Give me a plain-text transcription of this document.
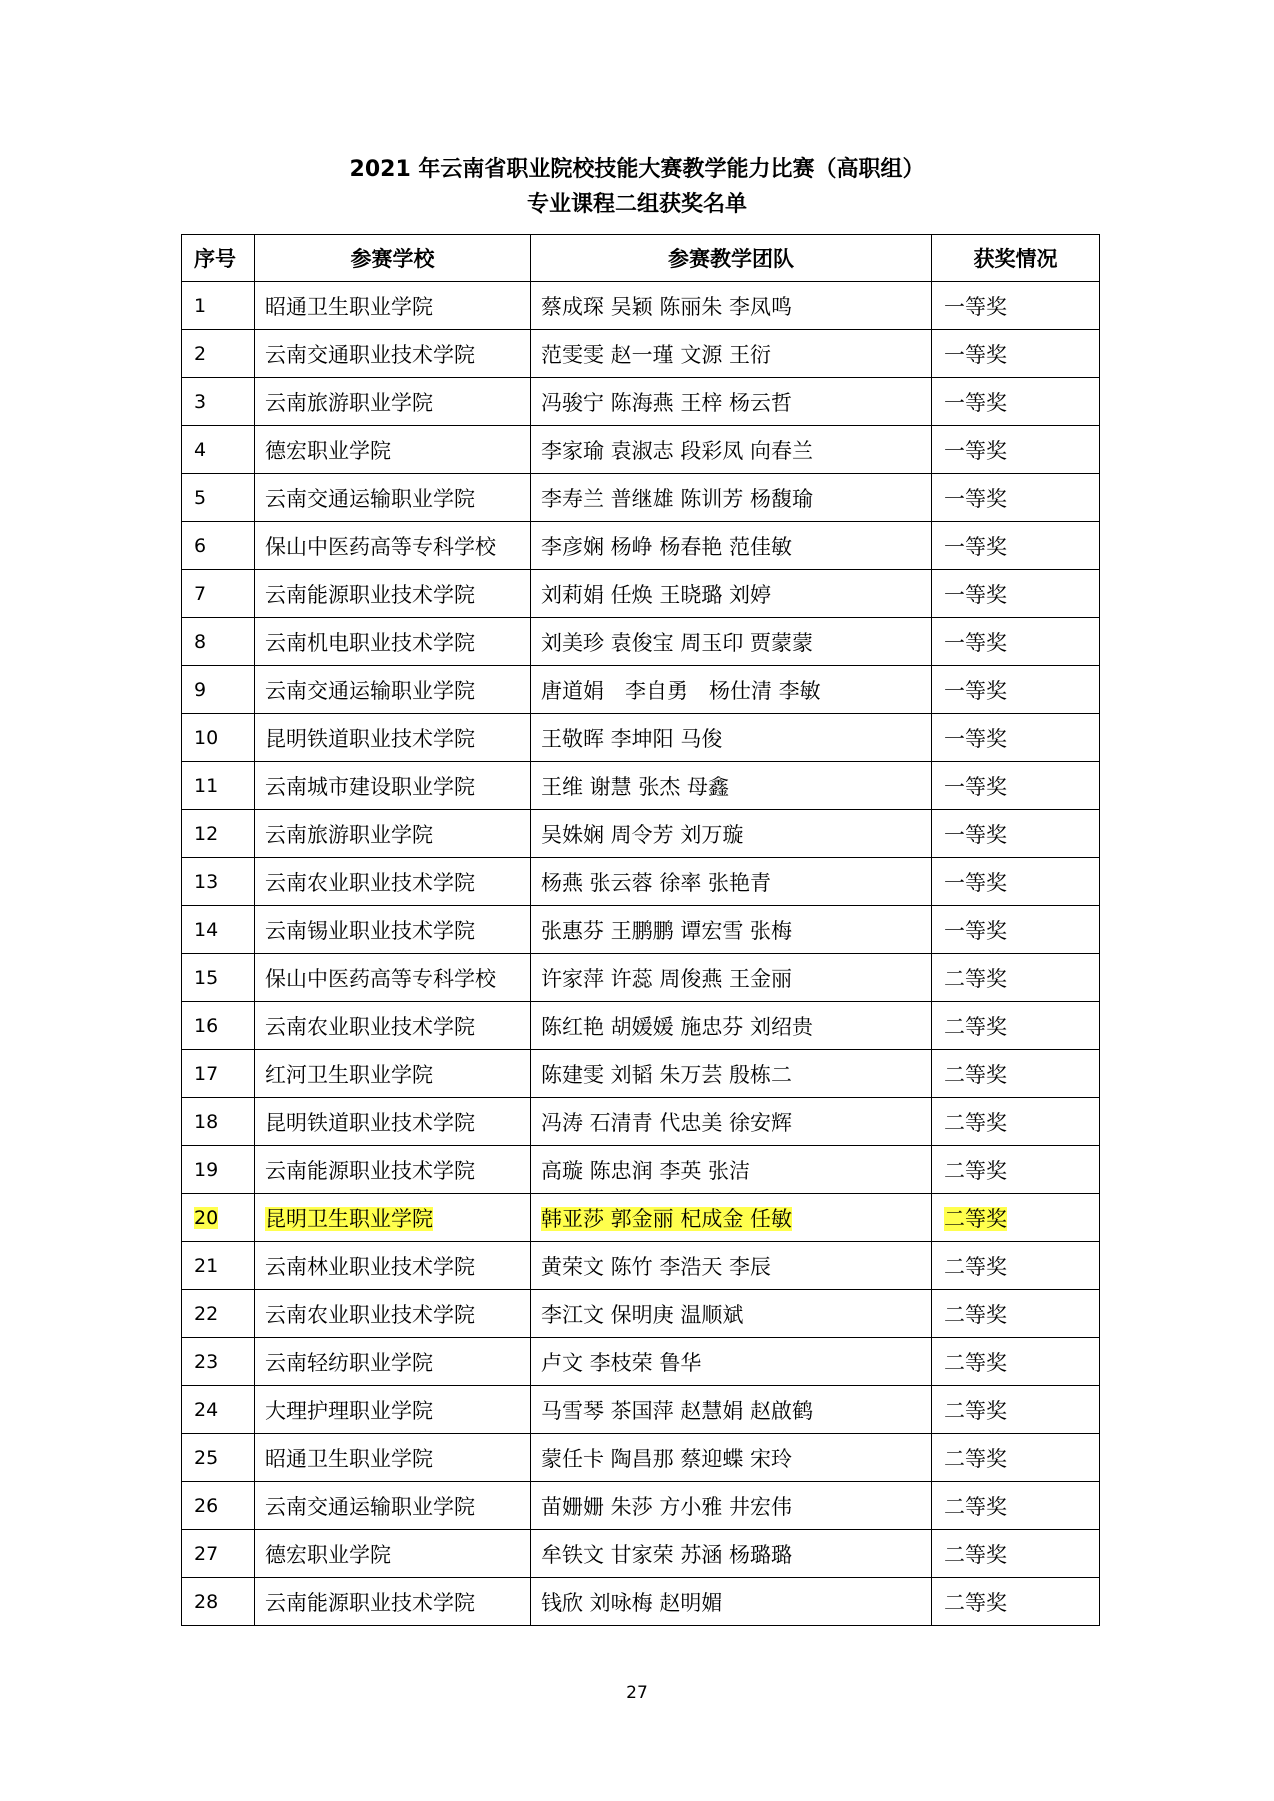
2021 年云南省职业院校技能大赛教学能力比赛（高职组）
专业课程二组获奖名单
序号	参赛学校	参赛教学团队	获奖情况
1	昭通卫生职业学院	蔡成琛 吴颖 陈丽朱 李凤鸣	一等奖
2	云南交通职业技术学院	范雯雯 赵一瑾 文源 王衍	一等奖
3	云南旅游职业学院	冯骏宁 陈海燕 王梓 杨云哲	一等奖
4	德宏职业学院	李家瑜 袁淑志 段彩凤 向春兰	一等奖
5	云南交通运输职业学院	李寿兰 普继雄 陈训芳 杨馥瑜	一等奖
6	保山中医药高等专科学校	李彦娴 杨峥 杨春艳 范佳敏	一等奖
7	云南能源职业技术学院	刘莉娟 任焕 王晓璐 刘婷	一等奖
8	云南机电职业技术学院	刘美珍 袁俊宝 周玉印 贾蒙蒙	一等奖
9	云南交通运输职业学院	唐道娟　李自勇　杨仕清 李敏	一等奖
10	昆明铁道职业技术学院	王敬晖 李坤阳 马俊	一等奖
11	云南城市建设职业学院	王维 谢慧 张杰 母鑫	一等奖
12	云南旅游职业学院	吴姝娴 周令芳 刘万璇	一等奖
13	云南农业职业技术学院	杨燕 张云蓉 徐率 张艳青	一等奖
14	云南锡业职业技术学院	张惠芬 王鹏鹏 谭宏雪 张梅	一等奖
15	保山中医药高等专科学校	许家萍 许蕊 周俊燕 王金丽	二等奖
16	云南农业职业技术学院	陈红艳 胡媛媛 施忠芬 刘绍贵	二等奖
17	红河卫生职业学院	陈建雯 刘韬 朱万芸 殷栋二	二等奖
18	昆明铁道职业技术学院	冯涛 石清青 代忠美 徐安辉	二等奖
19	云南能源职业技术学院	高璇 陈忠润 李英 张洁	二等奖
20	昆明卫生职业学院	韩亚莎 郭金丽 杞成金 任敏	二等奖
21	云南林业职业技术学院	黄荣文 陈竹 李浩天 李辰	二等奖
22	云南农业职业技术学院	李江文 保明庚 温顺斌	二等奖
23	云南轻纺职业学院	卢文 李枝荣 鲁华	二等奖
24	大理护理职业学院	马雪琴 茶国萍 赵慧娟 赵啟鹤	二等奖
25	昭通卫生职业学院	蒙任卡 陶昌那 蔡迎蝶 宋玲	二等奖
26	云南交通运输职业学院	苗姗姗 朱莎 方小雅 井宏伟	二等奖
27	德宏职业学院	牟铁文 甘家荣 苏涵 杨璐璐	二等奖
28	云南能源职业技术学院	钱欣 刘咏梅 赵明媚	二等奖
27
